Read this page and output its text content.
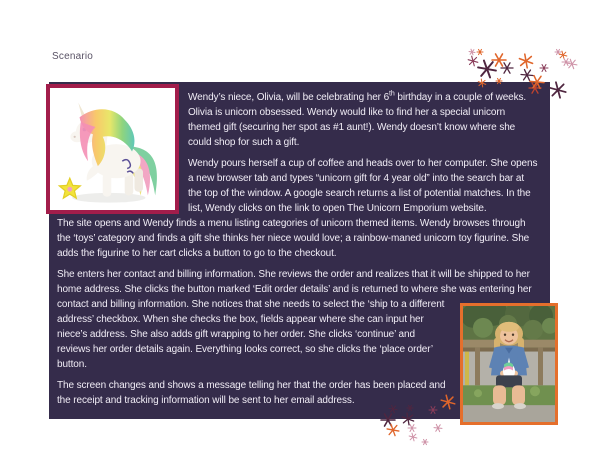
Scenario

Wendy’s niece, Olivia, will be celebrating her 6th birthday in a couple of weeks. Olivia is unicorn obsessed. Wendy would like to find her a special unicorn themed gift (securing her spot as #1 aunt!). Wendy doesn’t know where she could shop for such a gift.

Wendy pours herself a cup of coffee and heads over to her computer. She opens a new browser tab and types “unicorn gift for 4 year old” into the search bar at the top of the window. A google search returns a list of potential matches. In the list, Wendy clicks on the link to open The Unicorn Emporium website.

The site opens and Wendy finds a menu listing categories of unicorn themed items. Wendy browses through the ‘toys’ category and finds a gift she thinks her niece would love; a rainbow-maned unicorn toy figurine. She adds the figurine to her cart clicks a button to go to the checkout.

She enters her contact and billing information. She reviews the order and realizes that it will be shipped to her home address. She clicks the button marked ‘Edit order details’ and is returned to where she was entering her contact and billing information. She notices that she needs to select the ‘ship to a different address’ checkbox. When she checks the box, fields appear where she can input her niece’s address. She also adds gift wrapping to her order. She clicks ‘continue’ and reviews her order details again. Everything looks correct, so she clicks the ‘place order’ button.

The screen changes and shows a message telling her that the order has been placed and the receipt and tracking information will be sent to her email address.
